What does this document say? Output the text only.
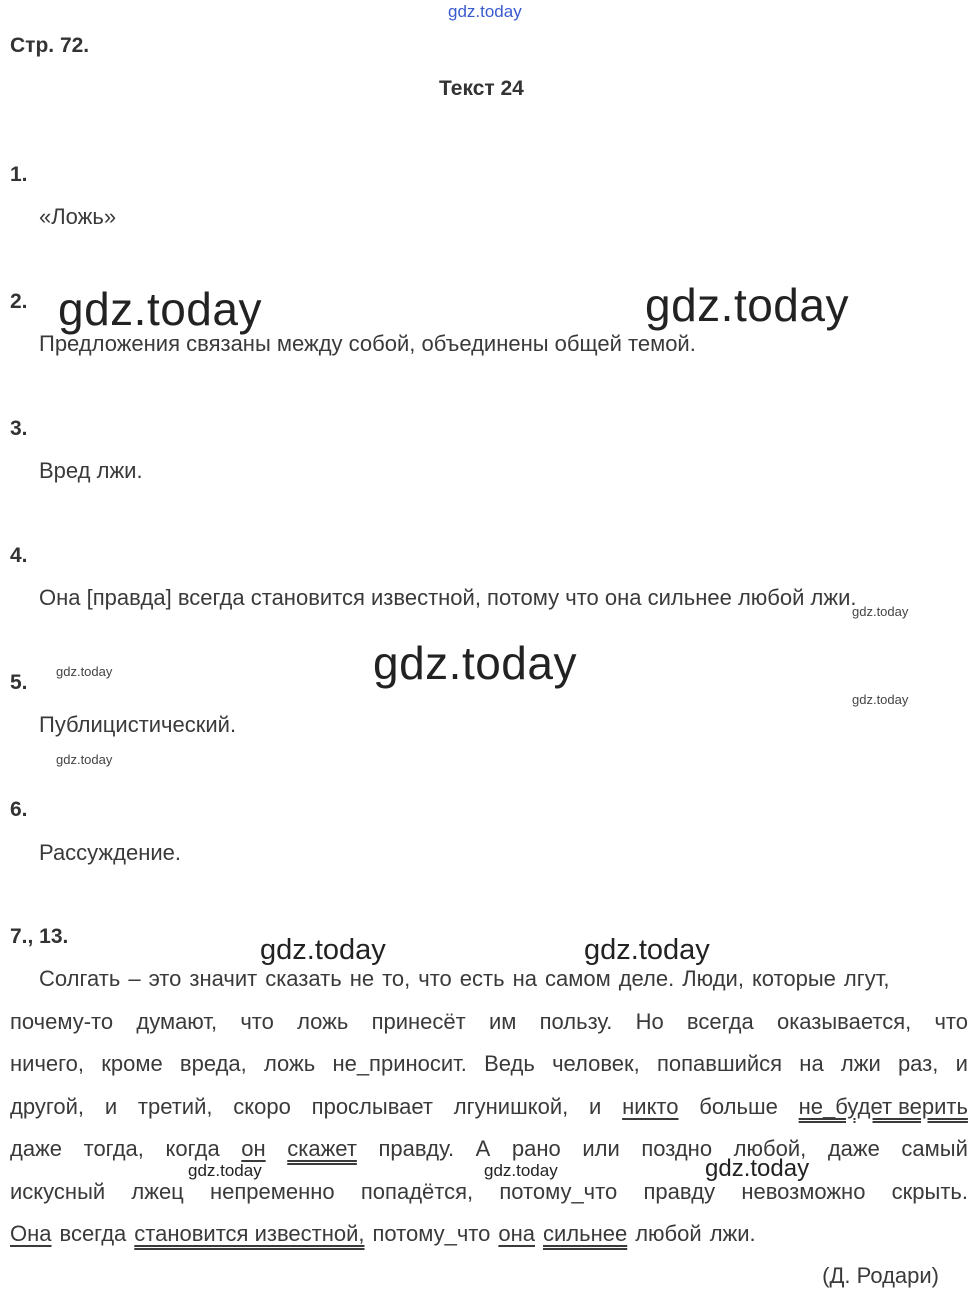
gdz.today
Стр. 72.
Текст 24
1.
«Ложь»
2.
Предложения связаны между собой, объединены общей темой.
3.
Вред лжи.
4.
Она [правда] всегда становится известной, потому что она сильнее любой лжи.
5.
Публицистический.
6.
Рассуждение.
7., 13.
gdz.today	gdz.today
gdz.today
gdz.today
gdz.today
gdz.today
gdz.today
gdz.today	gdz.today
gdz.today	gdz.today	gdz.today
Солгать – это значит сказать не то, что есть на самом деле. Люди, которые лгут,
почему-то думают, что ложь принесёт им пользу. Но всегда оказывается, что
ничего, кроме вреда, ложь не_приносит. Ведь человек, попавшийся на лжи раз, и
другой, и третий, скоро прослывает лгунишкой, и никто больше не_будет верить
даже тогда, когда он скажет правду. А рано или поздно любой, даже самый
искусный лжец непременно попадётся, потому_что правду невозможно скрыть.
Она всегда становится известной, потому_что она сильнее любой лжи.
(Д. Родари)
